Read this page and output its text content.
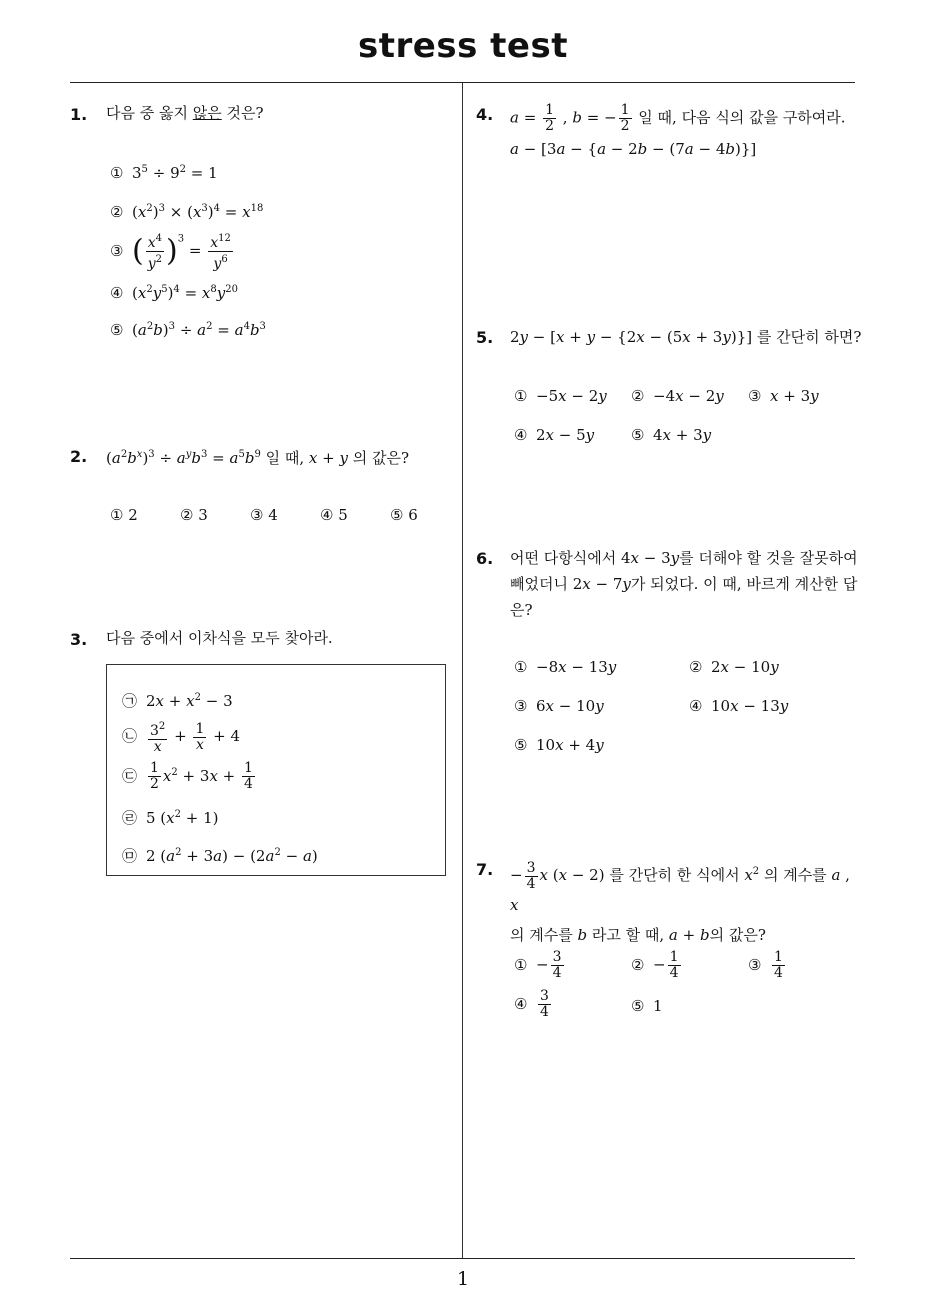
stress test
1
1. 다음 중 옳지 않은 것은?
① $3^5 \div 9^2 = 1$
② $(x^2)^3 \times (x^3)^4 = x^{18}$
③ ( $\frac{x^4}{y^2} )^3 = \frac{x^{12}}{y^6}$
④ $(x^2y^5)^4 = x^8y^{20}$
⑤ $(a^2b)^3 \div a^2 = a^4b^3$
2. $(a^2b^x)^3 \div a^yb^3 = a^5b^9$ 일 때, x + y 의 값은?
① 2	② 3	③ 4	④ 5	⑤ 6
3. 다음 중에서 이차식을 모두 찾아라.
㉠ $2x + x^2 - 3$
㉡ $\frac{3^2}{x} + \frac{1}{x} + 4$
㉢ $\frac{1}{2} x^2 + 3x + \frac{1}{4}$
㉣ 5 $(x^2 + 1)$
㉤ 2 $(a^2 + 3a) - (2a^2 - a)$
4. $a = \frac{1}{2}$ , b = − $\frac{1}{2}$ 일 때, 다음 식의 값을 구하여라.
a − [3a − {a − 2b − (7a − 4b)}]
5. 2y − [x + y − {2x − (5x + 3y)}] 를 간단히 하면?
① −5x − 2y ② −4x − 2y ③ x + 3y
④ 2x − 5y ⑤ 4x + 3y
6. 어떤 다항식에서 4x − 3y를 더해야 할 것을 잘못하여
빼었더니 2x − 7y가 되었다. 이 때, 바르게 계산한 답
은?
① −8x − 13y	② 2x − 10y
③ 6x − 10y	④ 10x − 13y
⑤ 10x + 4y
7. − $\frac{3}{4}$ x (x − 2) 를 간단히 한 식에서 $x^2$ 의 계수를 a , x
의 계수를 b 라고 할 때, a + b의 값은?
① − $\frac{3}{4}$	② − $\frac{1}{4}$	③ $\frac{1}{4}$
④ $\frac{3}{4}$	⑤ 1
